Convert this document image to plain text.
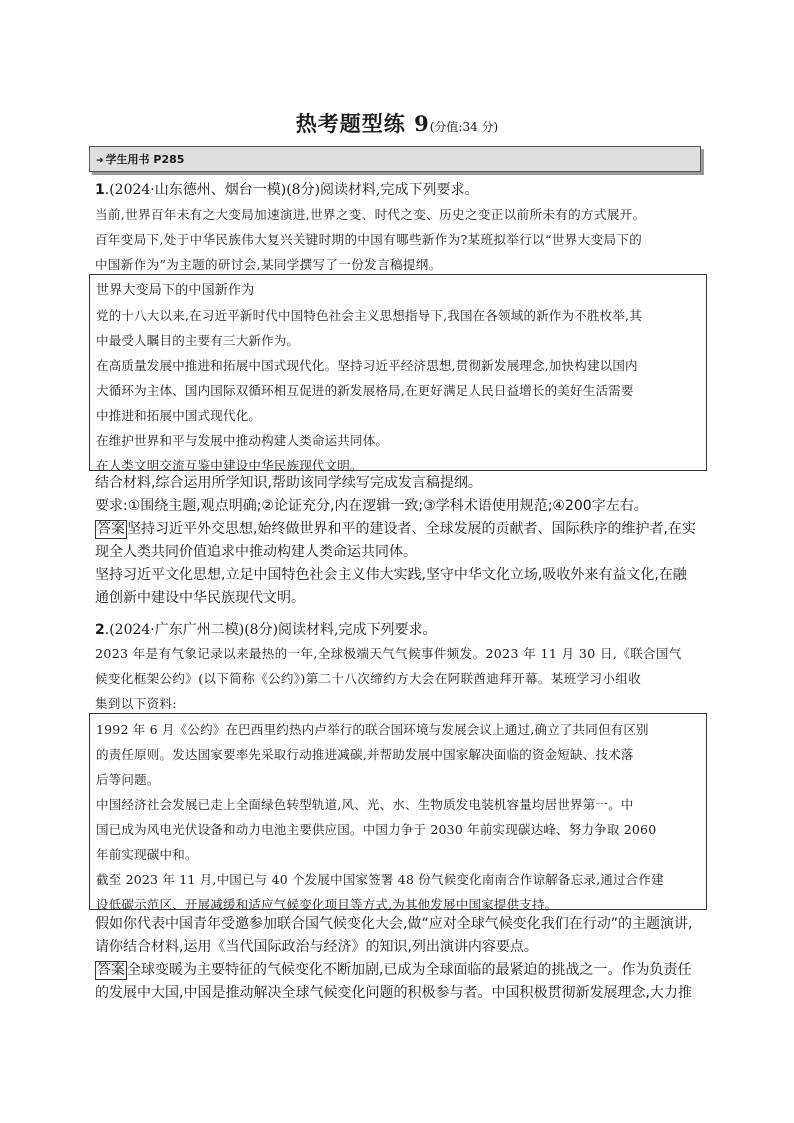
热考题型练 9(分值:34 分)
➜ 学生用书 P285
1.(2024·山东德州、烟台一模)(8分)阅读材料,完成下列要求。
当前,世界百年未有之大变局加速演进,世界之变、时代之变、历史之变正以前所未有的方式展开。
百年变局下,处于中华民族伟大复兴关键时期的中国有哪些新作为?某班拟举行以“世界大变局下的
中国新作为”为主题的研讨会,某同学撰写了一份发言稿提纲。

世界大变局下的中国新作为

党的十八大以来,在习近平新时代中国特色社会主义思想指导下,我国在各领域的新作为不胜枚举,其

中最受人瞩目的主要有三大新作为。

在高质量发展中推进和拓展中国式现代化。坚持习近平经济思想,贯彻新发展理念,加快构建以国内

大循环为主体、国内国际双循环相互促进的新发展格局,在更好满足人民日益增长的美好生活需要

中推进和拓展中国式现代化。

在维护世界和平与发展中推动构建人类命运共同体。

在人类文明交流互鉴中建设中华民族现代文明。

结合材料,综合运用所学知识,帮助该同学续写完成发言稿提纲。

要求:①围绕主题,观点明确;②论证充分,内在逻辑一致;③学科术语使用规范;④200字左右。

答案 坚持习近平外交思想,始终做世界和平的建设者、全球发展的贡献者、国际秩序的维护者,在实

现全人类共同价值追求中推动构建人类命运共同体。

坚持习近平文化思想,立足中国特色社会主义伟大实践,坚守中华文化立场,吸收外来有益文化,在融

通创新中建设中华民族现代文明。

2.(2024·广东广州二模)(8分)阅读材料,完成下列要求。
2023 年是有气象记录以来最热的一年,全球极端天气气候事件频发。2023 年 11 月 30 日,《联合国气
候变化框架公约》(以下简称《公约》)第二十八次缔约方大会在阿联酋迪拜开幕。某班学习小组收
集到以下资料:

1992 年 6 月《公约》在巴西里约热内卢举行的联合国环境与发展会议上通过,确立了共同但有区别

的责任原则。发达国家要率先采取行动推进减碳,并帮助发展中国家解决面临的资金短缺、技术落

后等问题。

中国经济社会发展已走上全面绿色转型轨道,风、光、水、生物质发电装机容量均居世界第一。中

国已成为风电光伏设备和动力电池主要供应国。中国力争于 2030 年前实现碳达峰、努力争取 2060

年前实现碳中和。

截至 2023 年 11 月,中国已与 40 个发展中国家签署 48 份气候变化南南合作谅解备忘录,通过合作建

设低碳示范区、开展减缓和适应气候变化项目等方式,为其他发展中国家提供支持。

假如你代表中国青年受邀参加联合国气候变化大会,做“应对全球气候变化我们在行动”的主题演讲,

请你结合材料,运用《当代国际政治与经济》的知识,列出演讲内容要点。

答案 全球变暖为主要特征的气候变化不断加剧,已成为全球面临的最紧迫的挑战之一。作为负责任

的发展中大国,中国是推动解决全球气候变化问题的积极参与者。中国积极贯彻新发展理念,大力推
